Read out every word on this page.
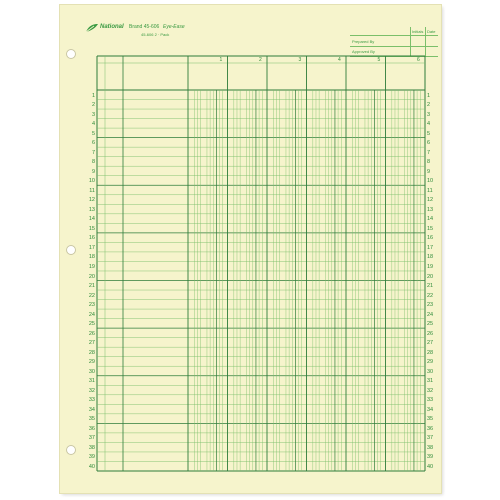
National Brand 45-606 Eye-Ease
45-606 2 · Pack
Initials Date
Prepared By
Approved By
1	2	3	4	5	6
1	1
2	2
3	3
4	4
5	5
6	6
7	7
8	8
9	9
10	10
11	11
12	12
13	13
14	14
15	15
16	16
17	17
18	18
19	19
20	20
21	21
22	22
23	23
24	24
25	25
26	26
27	27
28	28
29	29
30	30
31	31
32	32
33	33
34	34
35	35
36	36
37	37
38	38
39	39
40	40
